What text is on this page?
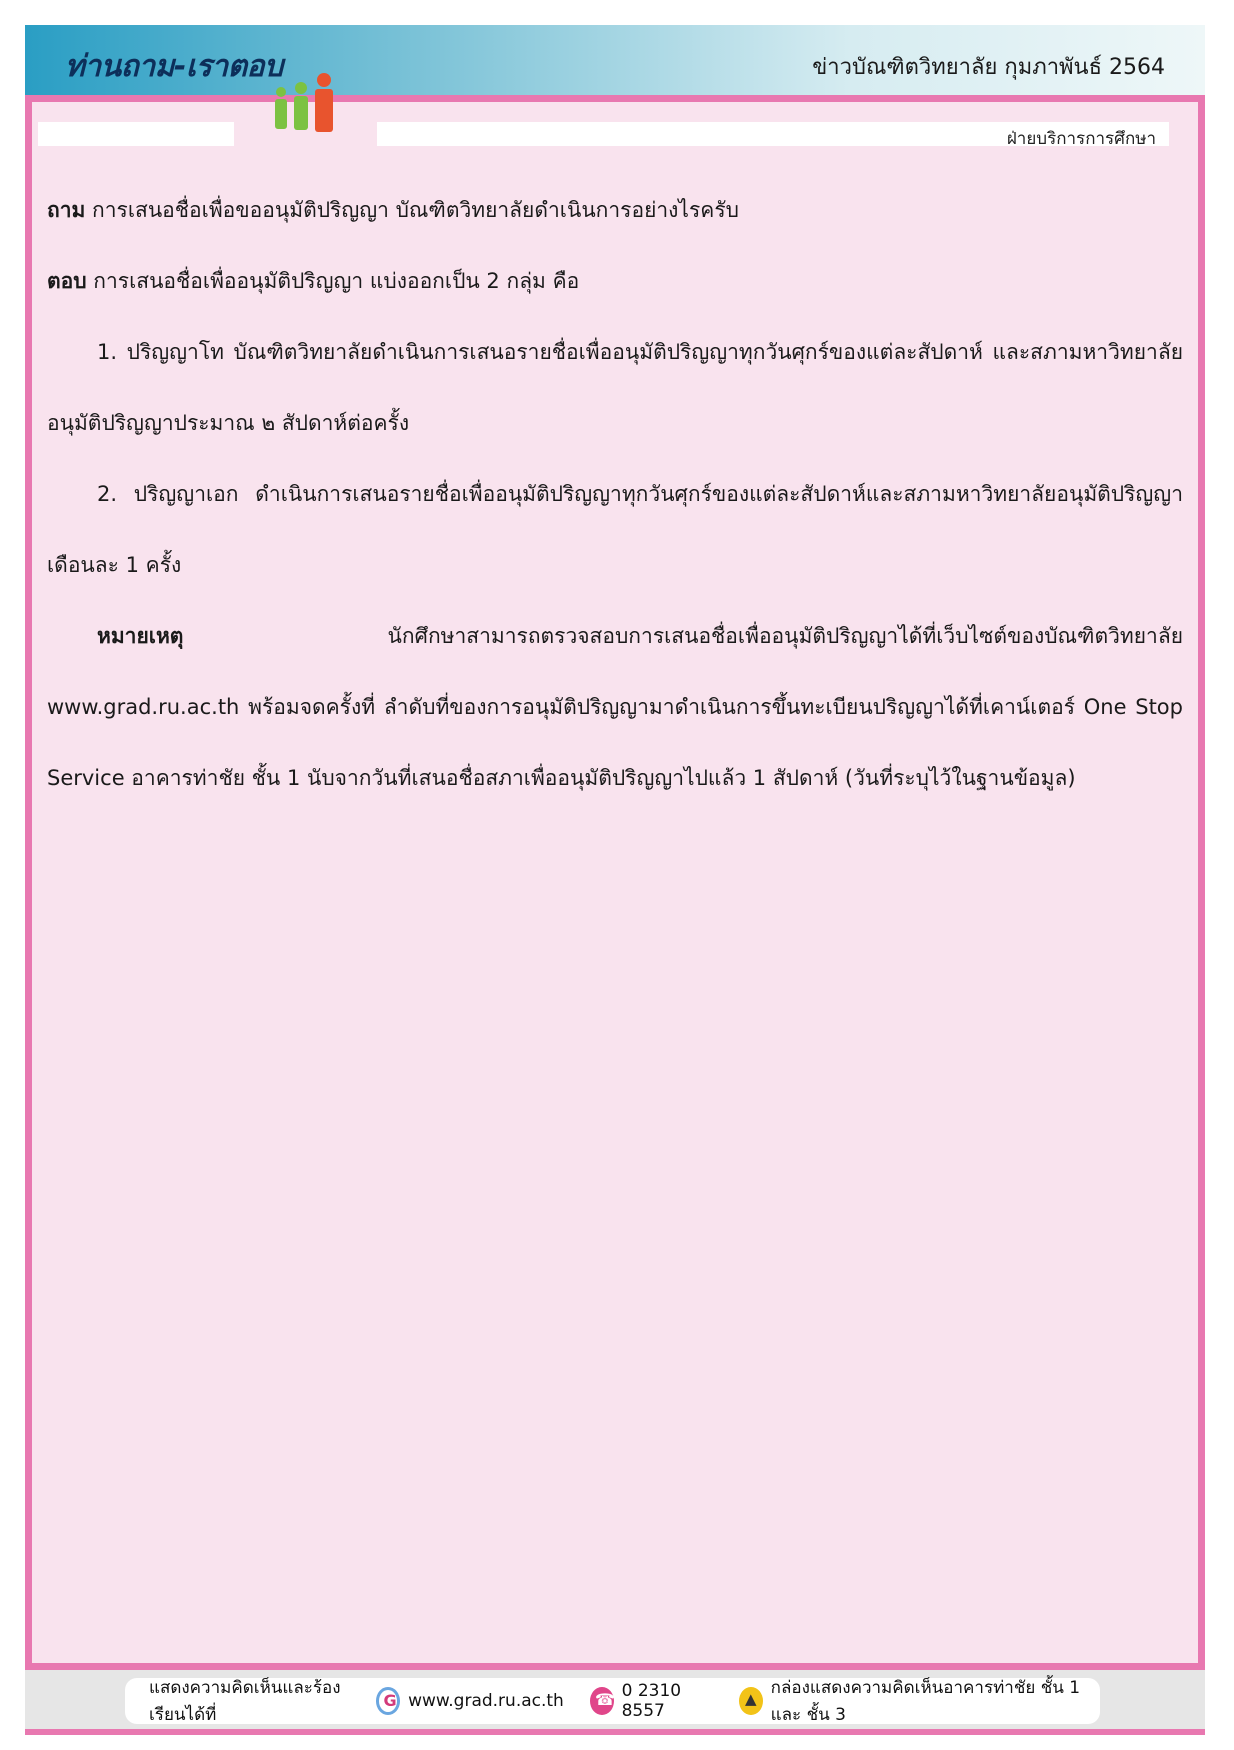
ท่านถาม-เราตอบ	ข่าวบัณฑิตวิทยาลัย กุมภาพันธ์ 2564
ฝ่ายบริการการศึกษา

ถาม การเสนอชื่อเพื่อขออนุมัติปริญญา บัณฑิตวิทยาลัยดำเนินการอย่างไรครับ

ตอบ การเสนอชื่อเพื่ออนุมัติปริญญา แบ่งออกเป็น 2 กลุ่ม คือ

1. ปริญญาโท บัณฑิตวิทยาลัยดำเนินการเสนอรายชื่อเพื่ออนุมัติปริญญาทุกวันศุกร์ของแต่ละสัปดาห์ และสภามหาวิทยาลัยอนุมัติปริญญาประมาณ ๒ สัปดาห์ต่อครั้ง

2. ปริญญาเอก ดำเนินการเสนอรายชื่อเพื่ออนุมัติปริญญาทุกวันศุกร์ของแต่ละสัปดาห์และสภามหาวิทยาลัยอนุมัติปริญญาเดือนละ 1 ครั้ง

หมายเหตุ	นักศึกษาสามารถตรวจสอบการเสนอชื่อเพื่ออนุมัติปริญญาได้ที่เว็บไซต์ของบัณฑิตวิทยาลัย www.grad.ru.ac.th พร้อมจดครั้งที่ ลำดับที่ของการอนุมัติปริญญามาดำเนินการขึ้นทะเบียนปริญญาได้ที่เคาน์เตอร์ One Stop Service อาคารท่าชัย ชั้น 1 นับจากวันที่เสนอชื่อสภาเพื่ออนุมัติปริญญาไปแล้ว 1 สัปดาห์ (วันที่ระบุไว้ในฐานข้อมูล)

แสดงความคิดเห็นและร้องเรียนได้ที่
G
www.grad.ru.ac.th
☎	0 2310 8557
▲
กล่องแสดงความคิดเห็นอาคารท่าชัย ชั้น 1 และ ชั้น 3
